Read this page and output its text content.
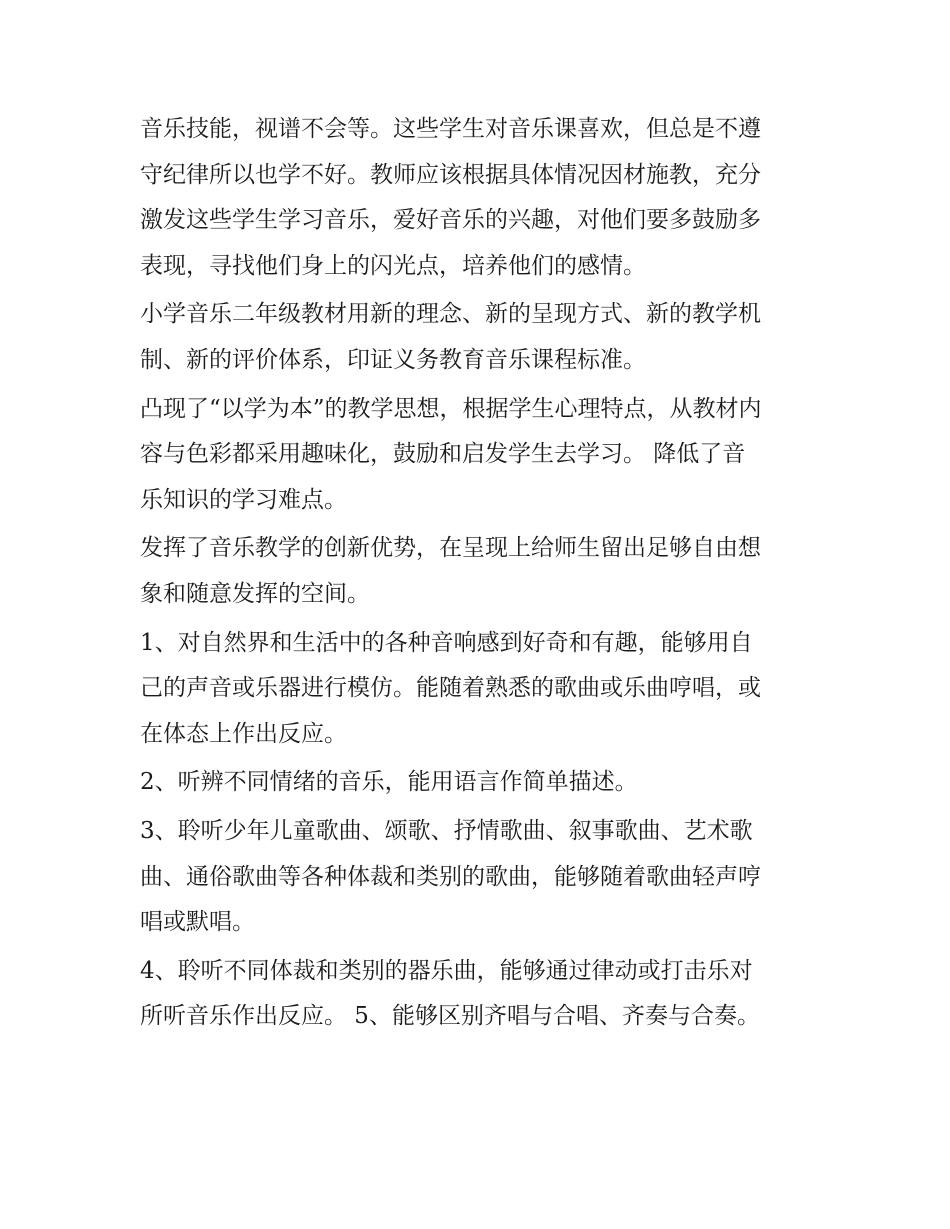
音乐技能，视谱不会等。这些学生对音乐课喜欢，但总是不遵
守纪律所以也学不好。教师应该根据具体情况因材施教，充分
激发这些学生学习音乐，爱好音乐的兴趣，对他们要多鼓励多
表现，寻找他们身上的闪光点，培养他们的感情。

小学音乐二年级教材用新的理念、新的呈现方式、新的教学机
制、新的评价体系，印证义务教育音乐课程标准。

凸现了“以学为本”的教学思想，根据学生心理特点，从教材内
容与色彩都采用趣味化，鼓励和启发学生去学习。 降低了音
乐知识的学习难点。

发挥了音乐教学的创新优势，在呈现上给师生留出足够自由想
象和随意发挥的空间。

1、对自然界和生活中的各种音响感到好奇和有趣，能够用自
己的声音或乐器进行模仿。能随着熟悉的歌曲或乐曲哼唱，或
在体态上作出反应。

2、听辨不同情绪的音乐，能用语言作简单描述。

3、聆听少年儿童歌曲、颂歌、抒情歌曲、叙事歌曲、艺术歌
曲、通俗歌曲等各种体裁和类别的歌曲，能够随着歌曲轻声哼
唱或默唱。

4、聆听不同体裁和类别的器乐曲，能够通过律动或打击乐对
所听音乐作出反应。 5、能够区别齐唱与合唱、齐奏与合奏。
